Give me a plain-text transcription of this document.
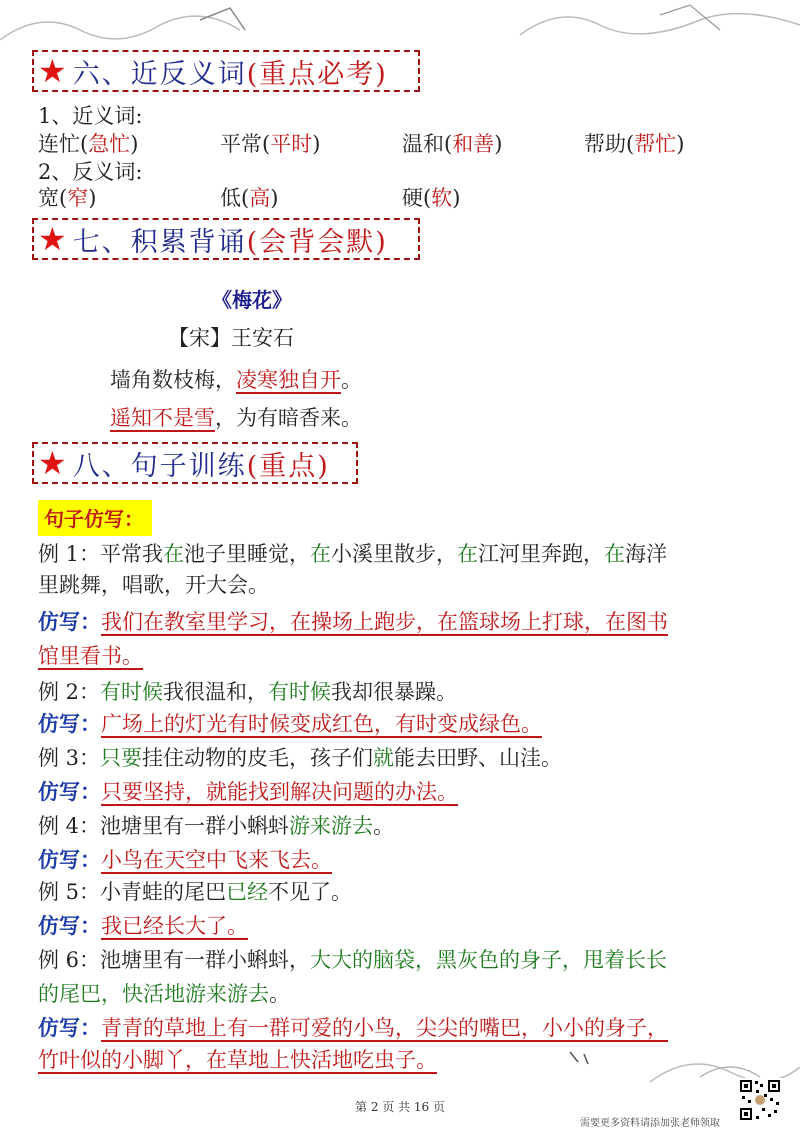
★ 六、近反义词 (重点必考)
1、近义词:
连忙(急忙)	平常(平时)	温和(和善)	帮助(帮忙)
2、反义词:
宽(窄)	低(高)	硬(软)
★ 七、积累背诵 (会背会默)
《梅花》
【宋】王安石
墙角数枝梅，凌寒独自开。
遥知不是雪，为有暗香来。
★ 八、句子训练 (重点)
句子仿写：
例 1：平常我在池子里睡觉，在小溪里散步，在江河里奔跑，在海洋
里跳舞，唱歌，开大会。
仿写：我们在教室里学习，在操场上跑步，在篮球场上打球，在图书
馆里看书。
例 2：有时候我很温和，有时候我却很暴躁。
仿写：广场上的灯光有时候变成红色，有时变成绿色。
例 3：只要挂住动物的皮毛，孩子们就能去田野、山洼。
仿写：只要坚持，就能找到解决问题的办法。
例 4：池塘里有一群小蝌蚪游来游去。
仿写：小鸟在天空中飞来飞去。
例 5：小青蛙的尾巴已经不见了。
仿写：我已经长大了。
例 6：池塘里有一群小蝌蚪，大大的脑袋，黑灰色的身子，甩着长长
的尾巴，快活地游来游去。
仿写：青青的草地上有一群可爱的小鸟，尖尖的嘴巴，小小的身子，
竹叶似的小脚丫，在草地上快活地吃虫子。
第 2 页 共 16 页
需要更多资料请添加张老师领取
